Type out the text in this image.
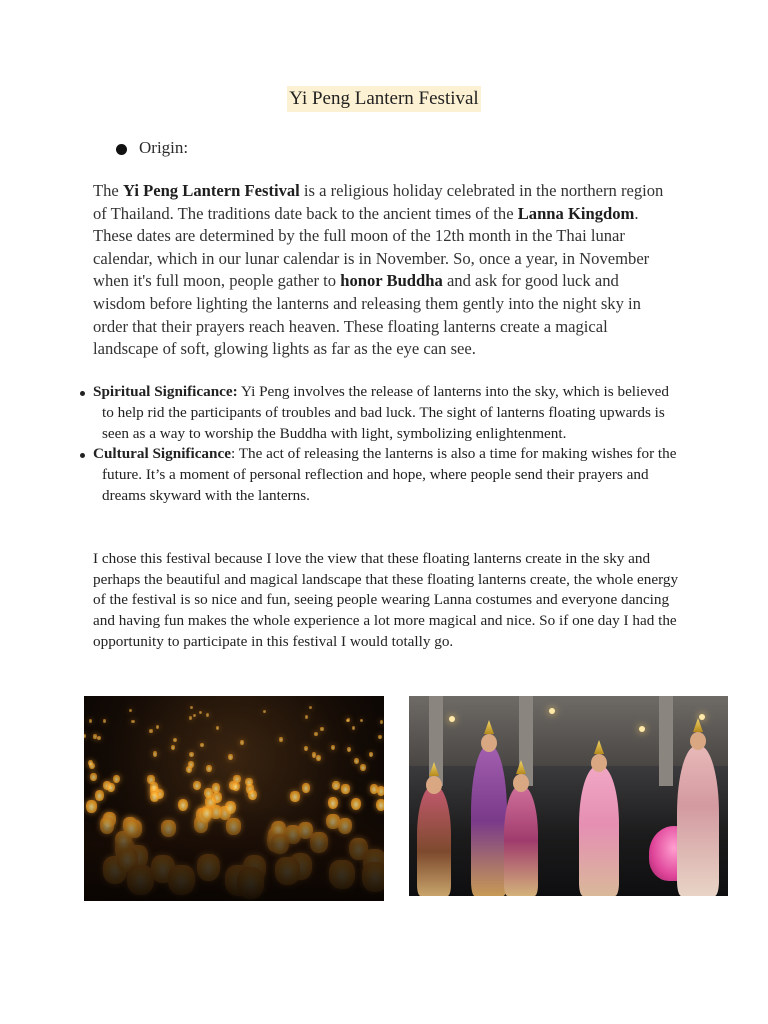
Yi Peng Lantern Festival
Origin:
The Yi Peng Lantern Festival is a religious holiday celebrated in the northern region of Thailand. The traditions date back to the ancient times of the Lanna Kingdom. These dates are determined by the full moon of the 12th month in the Thai lunar calendar, which in our lunar calendar is in November. So, once a year, in November when it's full moon, people gather to honor Buddha and ask for good luck and wisdom before lighting the lanterns and releasing them gently into the night sky in order that their prayers reach heaven. These floating lanterns create a magical landscape of soft, glowing lights as far as the eye can see.
Spiritual Significance: Yi Peng involves the release of lanterns into the sky, which is believed to help rid the participants of troubles and bad luck. The sight of lanterns floating upwards is seen as a way to worship the Buddha with light, symbolizing enlightenment.
Cultural Significance: The act of releasing the lanterns is also a time for making wishes for the future. It’s a moment of personal reflection and hope, where people send their prayers and dreams skyward with the lanterns.
I chose this festival because I love the view that these floating lanterns create in the sky and perhaps the beautiful and magical landscape that these floating lanterns create, the whole energy of the festival is so nice and fun, seeing people wearing Lanna costumes and everyone dancing and having fun makes the whole experience a lot more magical and nice. So if one day I had the opportunity to participate in this festival I would totally go.
